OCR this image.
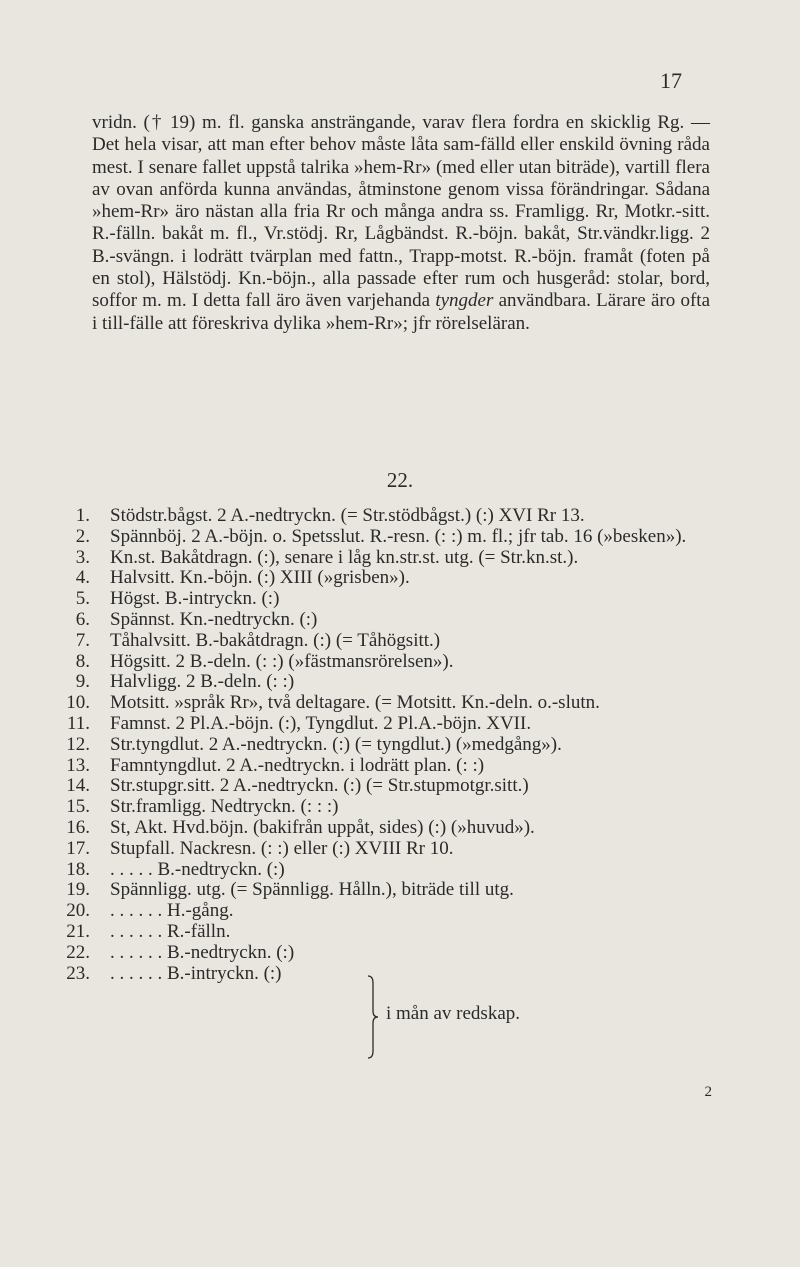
17

vridn. († 19) m. fl. ganska ansträngande, varav flera fordra en skicklig Rg. — Det hela visar, att man efter behov måste låta sam-fälld eller enskild övning råda mest. I senare fallet uppstå talrika »hem-Rr» (med eller utan biträde), vartill flera av ovan anförda kunna användas, åtminstone genom vissa förändringar. Sådana »hem-Rr» äro nästan alla fria Rr och många andra ss. Framligg. Rr, Motkr.-sitt. R.-fälln. bakåt m. fl., Vr.stödj. Rr, Lågbändst. R.-böjn. bakåt, Str.vändkr.ligg. 2 B.-svängn. i lodrätt tvärplan med fattn., Trapp-motst. R.-böjn. framåt (foten på en stol), Hälstödj. Kn.-böjn., alla passade efter rum och husgeråd: stolar, bord, soffor m. m. I detta fall äro även varjehanda tyngder användbara. Lärare äro ofta i till-fälle att föreskriva dylika »hem-Rr»; jfr rörelseläran.

22.
1. Stödstr.bågst. 2 A.-nedtryckn. (= Str.stödbågst.) (:) XVI Rr 13.
2. Spännböj. 2 A.-böjn. o. Spetsslut. R.-resn. (: :) m. fl.; jfr tab. 16 (»besken»).
3. Kn.st. Bakåtdragn. (:), senare i låg kn.str.st. utg. (= Str.kn.st.).
4. Halvsitt. Kn.-böjn. (:) XIII (»grisben»).
5. Högst. B.-intryckn. (:)
6. Spännst. Kn.-nedtryckn. (:)
7. Tåhalvsitt. B.-bakåtdragn. (:) (= Tåhögsitt.)
8. Högsitt. 2 B.-deln. (: :) (»fästmansrörelsen»).
9. Halvligg. 2 B.-deln. (: :)
10. Motsitt. »språk Rr», två deltagare. (= Motsitt. Kn.-deln. o.-slutn.
11. Famnst. 2 Pl.A.-böjn. (:), Tyngdlut. 2 Pl.A.-böjn. XVII.
12. Str.tyngdlut. 2 A.-nedtryckn. (:) (= tyngdlut.) (»medgång»).
13. Famntyngdlut. 2 A.-nedtryckn. i lodrätt plan. (: :)
14. Str.stupgr.sitt. 2 A.-nedtryckn. (:) (= Str.stupmotgr.sitt.)
15. Str.framligg. Nedtryckn. (: : :)
16. St, Akt. Hvd.böjn. (bakifrån uppåt, sides) (:) (»huvud»).
17. Stupfall. Nackresn. (: :) eller (:) XVIII Rr 10.
18. . . . . . B.-nedtryckn. (:)
19. Spännligg. utg. (= Spännligg. Hålln.), biträde till utg.
20. . . . . . . H.-gång.
21. . . . . . . R.-fälln.
22. . . . . . . B.-nedtryckn. (:)
23. . . . . . . B.-intryckn. (:)
i mån av redskap.
2
